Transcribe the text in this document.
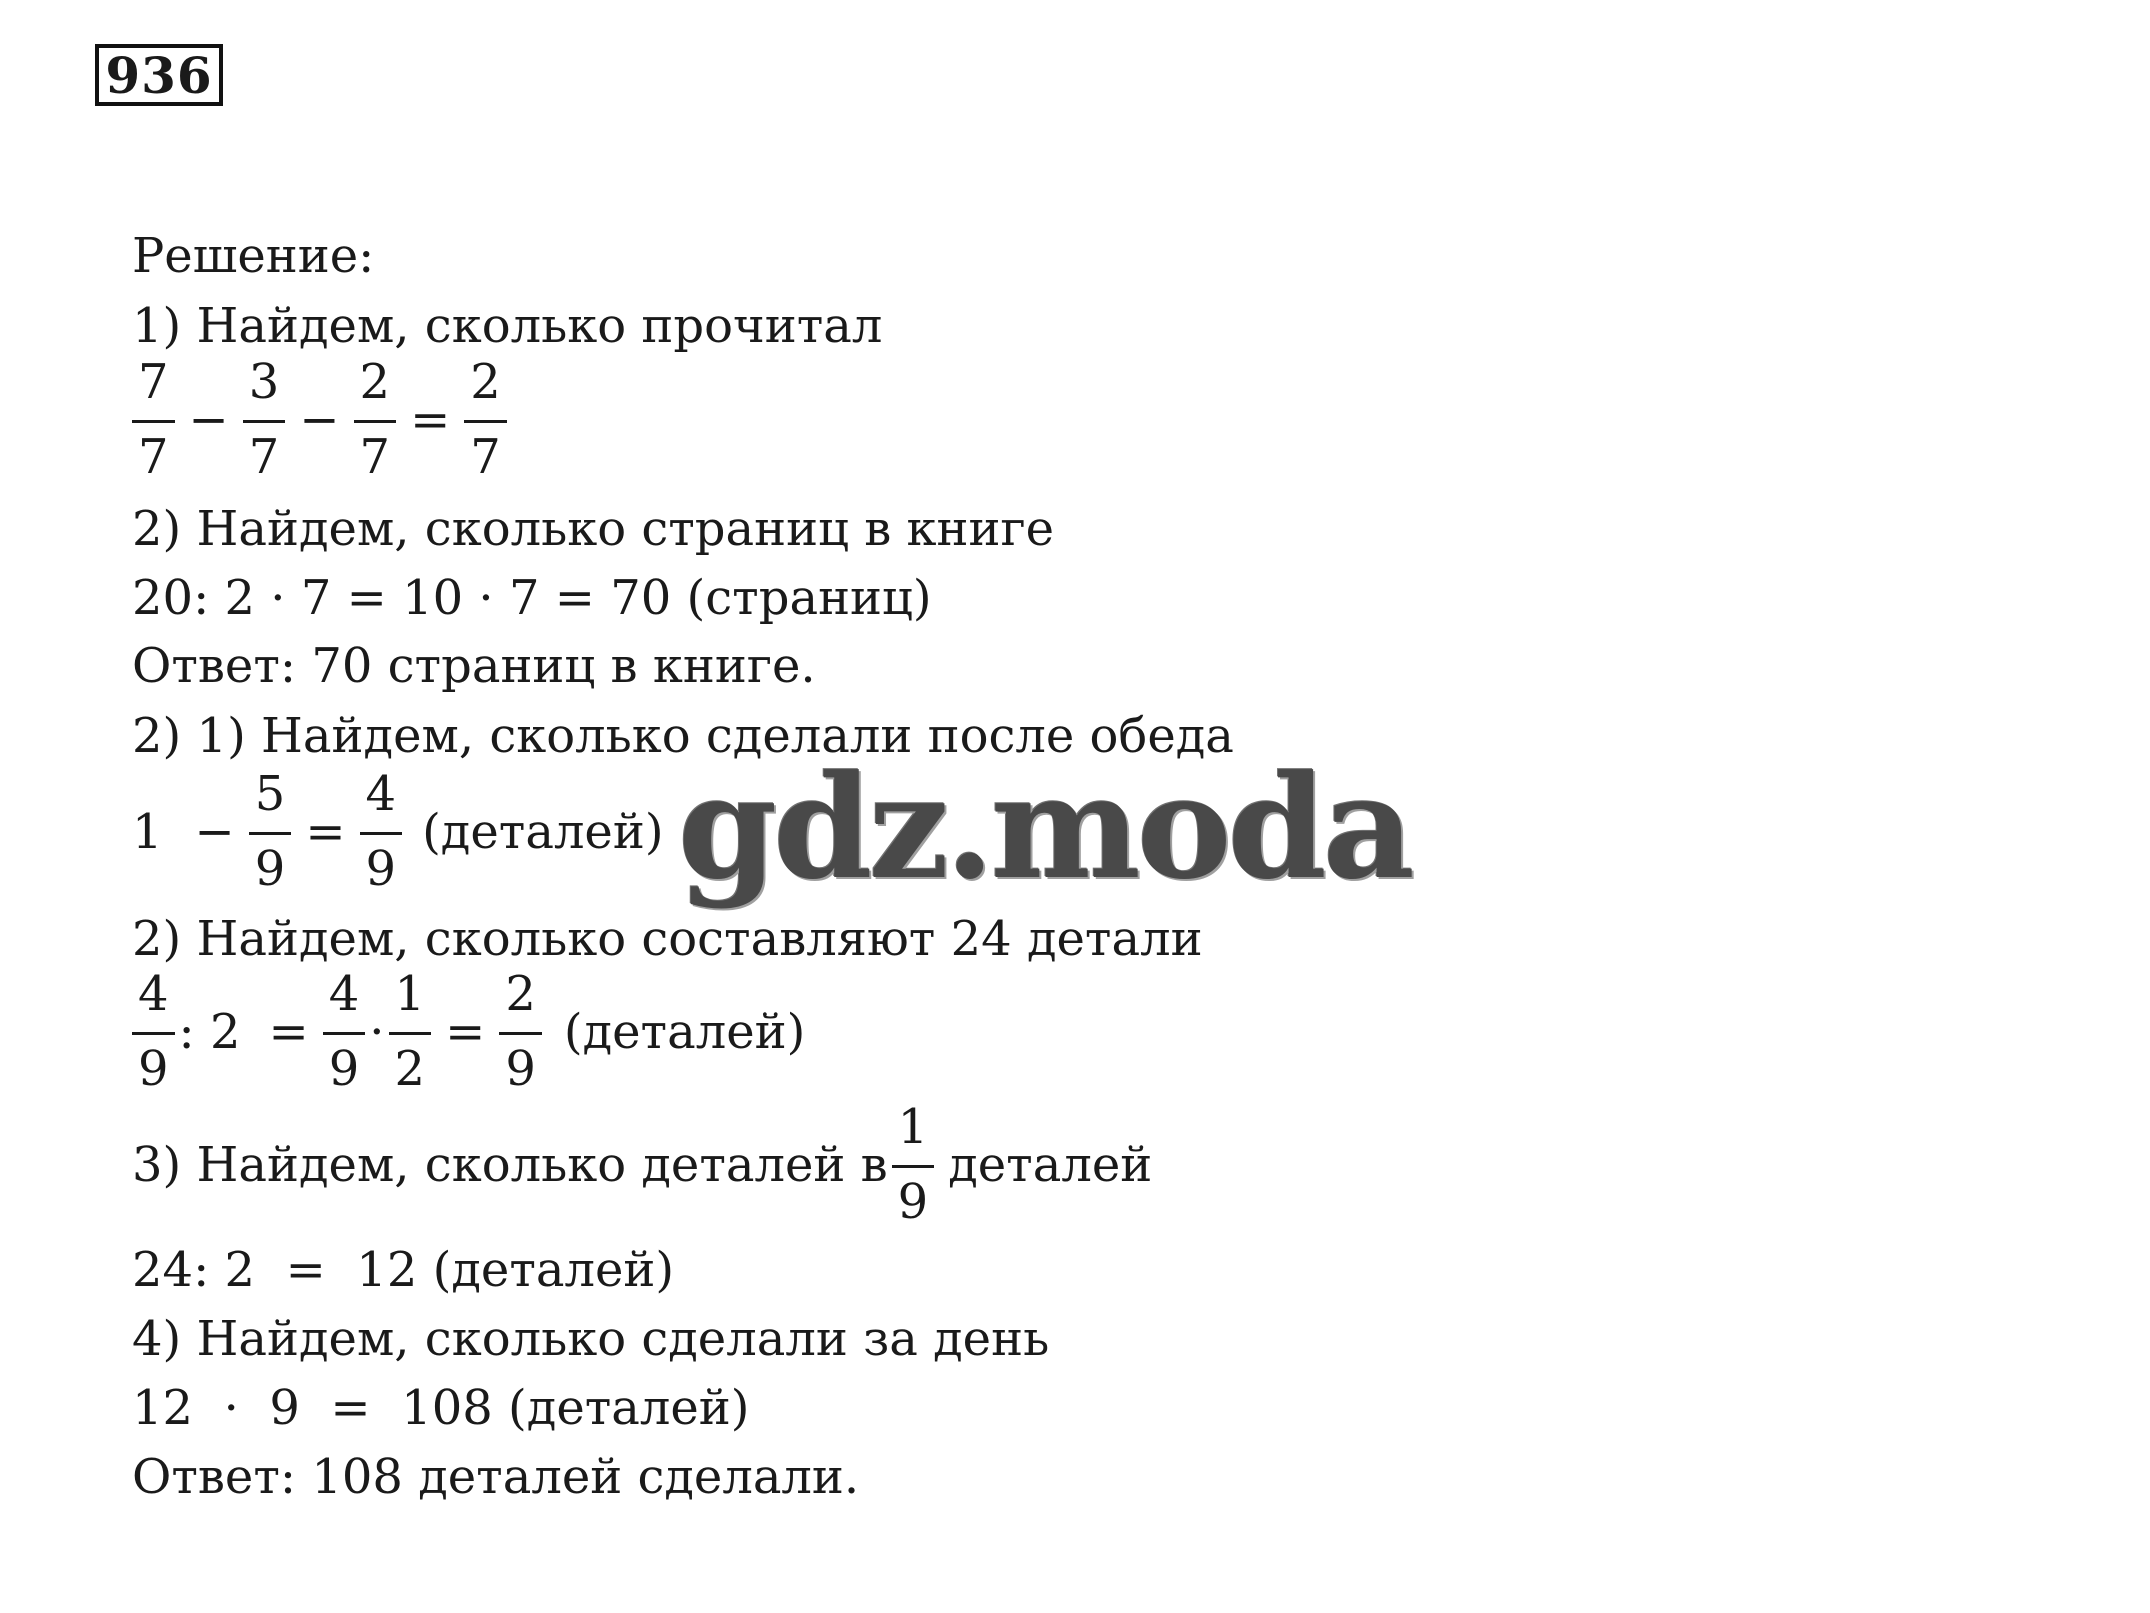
936
Решение:
1) Найдем, сколько прочитал
$\frac{7}{7} - \frac{3}{7} - \frac{2}{7} = \frac{2}{7}$
2) Найдем, сколько страниц в книге
20: 2 · 7 = 10 · 7 = 70 (страниц)
Ответ: 70 страниц в книге.
2) 1) Найдем, сколько сделали после обеда
$1 - \frac{5}{9} = \frac{4}{9}$ (деталей)
2) Найдем, сколько составляют 24 детали
$\frac{4}{9}$ : $2 = \frac{4}{9} \cdot \frac{1}{2} = \frac{2}{9}$ (деталей)
3) Найдем, сколько деталей в $\frac{1}{9}$ деталей
24: 2  =  12 (деталей)
4) Найдем, сколько сделали за день
12  ·  9  =  108 (деталей)
Ответ: 108 деталей сделали.
gdz.moda
